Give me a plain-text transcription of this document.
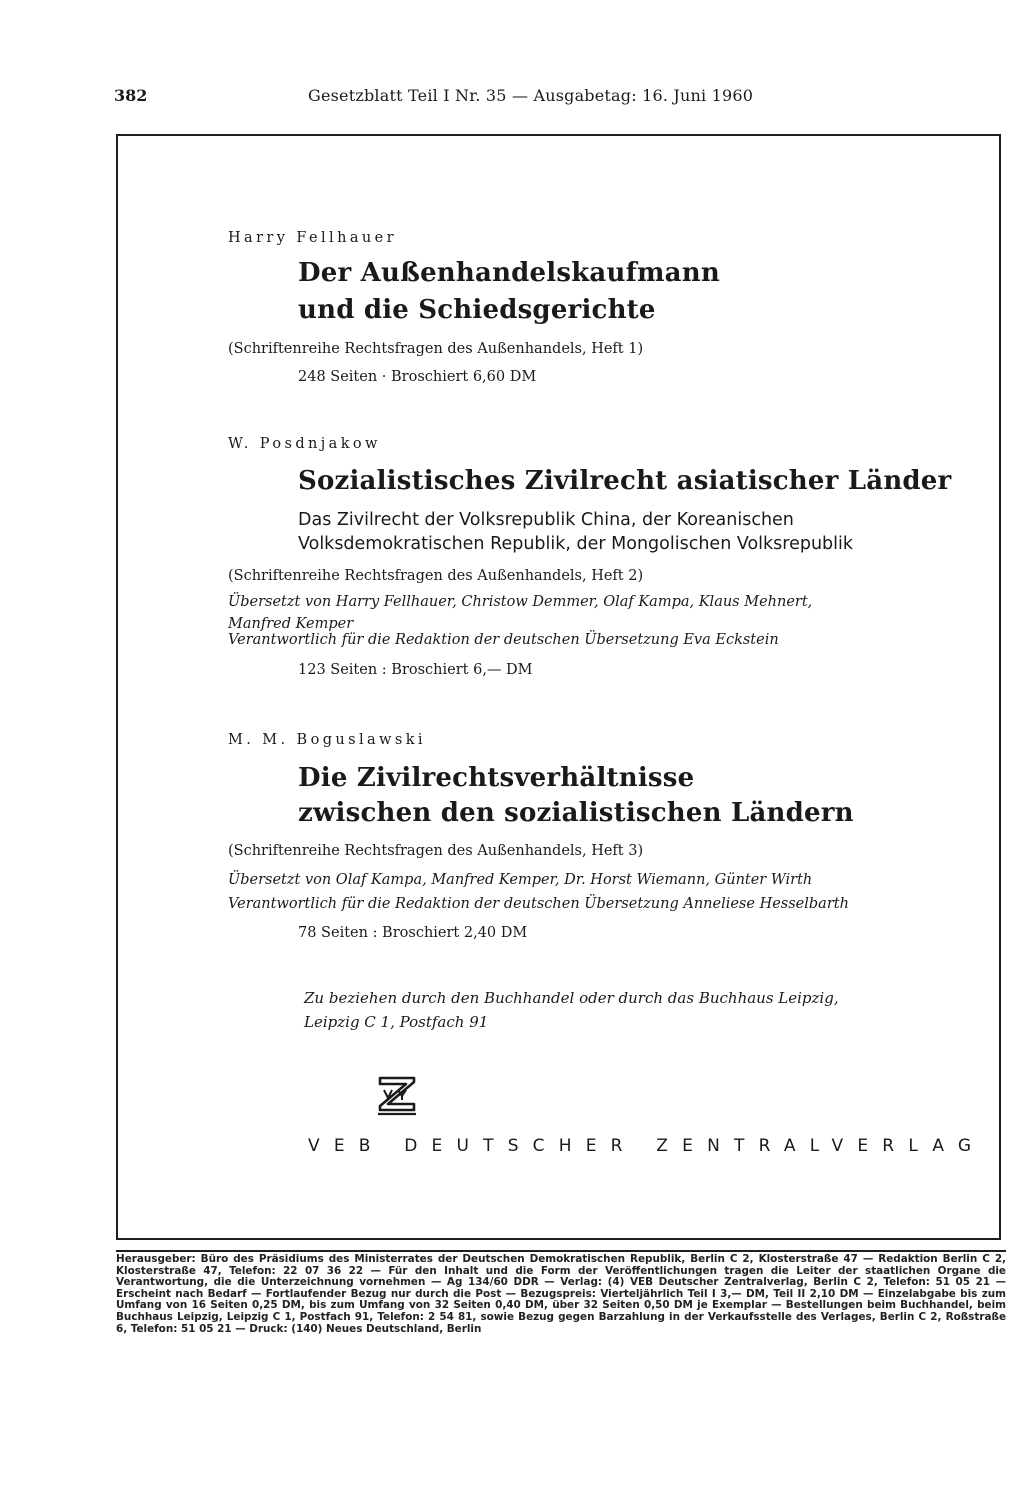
382	Gesetzblatt Teil I Nr. 35 — Ausgabetag: 16. Juni 1960
Harry Fellhauer
Der Außenhandelskaufmann
und die Schiedsgerichte
(Schriftenreihe Rechtsfragen des Außenhandels, Heft 1)
248 Seiten · Broschiert 6,60 DM
W. Posdnjakow
Sozialistisches Zivilrecht asiatischer Länder
Das Zivilrecht der Volksrepublik China, der Koreanischen
Volksdemokratischen Republik, der Mongolischen Volksrepublik
(Schriftenreihe Rechtsfragen des Außenhandels, Heft 2)
Übersetzt von Harry Fellhauer, Christow Demmer, Olaf Kampa, Klaus Mehnert,
Manfred Kemper
Verantwortlich für die Redaktion der deutschen Übersetzung Eva Eckstein
123 Seiten : Broschiert 6,— DM
M. M. Boguslawski
Die Zivilrechtsverhältnisse
zwischen den sozialistischen Ländern
(Schriftenreihe Rechtsfragen des Außenhandels, Heft 3)
Übersetzt von Olaf Kampa, Manfred Kemper, Dr. Horst Wiemann, Günter Wirth
Verantwortlich für die Redaktion der deutschen Übersetzung Anneliese Hesselbarth
78 Seiten : Broschiert 2,40 DM
Zu beziehen durch den Buchhandel oder durch das Buchhaus Leipzig,
Leipzig C 1, Postfach 91
VEB DEUTSCHER ZENTRALVERLAG
Herausgeber: Büro des Präsidiums des Ministerrates der Deutschen Demokratischen Republik, Berlin C 2, Klosterstraße 47 — Redaktion Berlin C 2, Klosterstraße 47, Telefon: 22 07 36 22 — Für den Inhalt und die Form der Veröffentlichungen tragen die Leiter der staatlichen Organe die Verantwortung, die die Unterzeichnung vornehmen — Ag 134/60 DDR — Verlag: (4) VEB Deutscher Zentralverlag, Berlin C 2, Telefon: 51 05 21 — Erscheint nach Bedarf — Fortlaufender Bezug nur durch die Post — Bezugspreis: Vierteljährlich Teil I 3,— DM, Teil II 2,10 DM — Einzelabgabe bis zum Umfang von 16 Seiten 0,25 DM, bis zum Umfang von 32 Seiten 0,40 DM, über 32 Seiten 0,50 DM je Exemplar — Bestellungen beim Buchhandel, beim Buchhaus Leipzig, Leipzig C 1, Postfach 91, Telefon: 2 54 81, sowie Bezug gegen Barzahlung in der Verkaufsstelle des Verlages, Berlin C 2, Roßstraße 6, Telefon: 51 05 21 — Druck: (140) Neues Deutschland, Berlin
